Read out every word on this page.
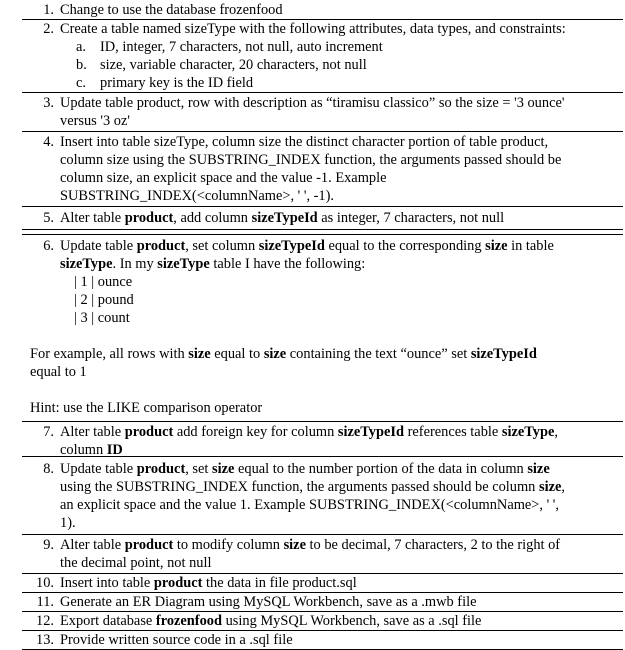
1. Change to use the database frozenfood
2. Create a table named sizeType with the following attributes, data types, and constraints:
a. ID, integer, 7 characters, not null, auto increment
b. size, variable character, 20 characters, not null
c. primary key is the ID field
3. Update table product, row with description as “tiramisu classico” so the size = '3 ounce'
versus '3 oz'
4. Insert into table sizeType, column size the distinct character portion of table product,
column size using the SUBSTRING_INDEX function, the arguments passed should be
column size, an explicit space and the value -1. Example
SUBSTRING_INDEX(<columnName>, ' ', -1).
5. Alter table product, add column sizeTypeId as integer, 7 characters, not null
6. Update table product, set column sizeTypeId equal to the corresponding size in table
sizeType. In my sizeType table I have the following:
| 1 | ounce
| 2 | pound
| 3 | count
For example, all rows with size equal to size containing the text “ounce” set sizeTypeId
equal to 1
Hint: use the LIKE comparison operator
7. Alter table product add foreign key for column sizeTypeId references table sizeType,
column ID
8. Update table product, set size equal to the number portion of the data in column size
using the SUBSTRING_INDEX function, the arguments passed should be column size,
an explicit space and the value 1. Example SUBSTRING_INDEX(<columnName>, ' ',
1).
9. Alter table product to modify column size to be decimal, 7 characters, 2 to the right of
the decimal point, not null
10. Insert into table product the data in file product.sql
11. Generate an ER Diagram using MySQL Workbench, save as a .mwb file
12. Export database frozenfood using MySQL Workbench, save as a .sql file
13. Provide written source code in a .sql file
